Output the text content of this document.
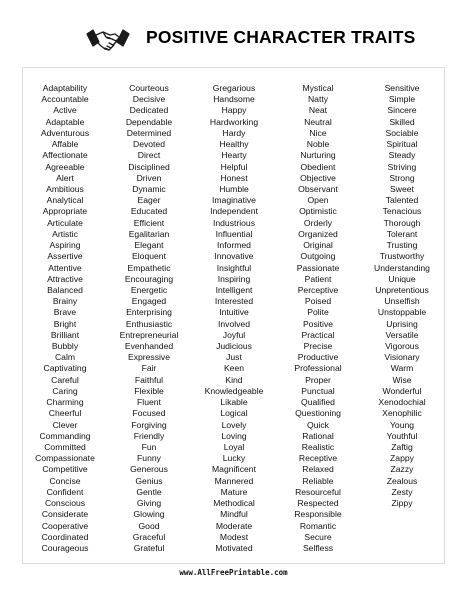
POSITIVE CHARACTER TRAITS
Adaptability
Accountable
Active
Adaptable
Adventurous
Affable
Affectionate
Agreeable
Alert
Ambitious
Analytical
Appropriate
Articulate
Artistic
Aspiring
Assertive
Attentive
Attractive
Balanced
Brainy
Brave
Bright
Brilliant
Bubbly
Calm
Captivating
Careful
Caring
Charming
Cheerful
Clever
Commanding
Committed
Compassionate
Competitive
Concise
Confident
Conscious
Considerate
Cooperative
Coordinated
Courageous
Courteous
Decisive
Dedicated
Dependable
Determined
Devoted
Direct
Disciplined
Driven
Dynamic
Eager
Educated
Efficient
Egalitarian
Elegant
Eloquent
Empathetic
Encouraging
Energetic
Engaged
Enterprising
Enthusiastic
Entrepreneurial
Evenhanded
Expressive
Fair
Faithful
Flexible
Fluent
Focused
Forgiving
Friendly
Fun
Funny
Generous
Genius
Gentle
Giving
Glowing
Good
Graceful
Grateful
Gregarious
Handsome
Happy
Hardworking
Hardy
Healthy
Hearty
Helpful
Honest
Humble
Imaginative
Independent
Industrious
Influential
Informed
Innovative
Insightful
Inspiring
Intelligent
Interested
Intuitive
Involved
Joyful
Judicious
Just
Keen
Kind
Knowledgeable
Likable
Logical
Lovely
Loving
Loyal
Lucky
Magnificent
Mannered
Mature
Methodical
Mindful
Moderate
Modest
Motivated
Mystical
Natty
Neat
Neutral
Nice
Noble
Nurturing
Obedient
Objective
Observant
Open
Optimistic
Orderly
Organized
Original
Outgoing
Passionate
Patient
Perceptive
Poised
Polite
Positive
Practical
Precise
Productive
Professional
Proper
Punctual
Qualified
Questioning
Quick
Rational
Realistic
Receptive
Relaxed
Reliable
Resourceful
Respected
Responsible
Romantic
Secure
Selfless
Sensitive
Simple
Sincere
Skilled
Sociable
Spiritual
Steady
Striving
Strong
Sweet
Talented
Tenacious
Thorough
Tolerant
Trusting
Trustworthy
Understanding
Unique
Unpretentious
Unselfish
Unstoppable
Uprising
Versatile
Vigorous
Visionary
Warm
Wise
Wonderful
Xenodochial
Xenophilic
Young
Youthful
Zaftig
Zappy
Zazzy
Zealous
Zesty
Zippy
www.AllFreePrintable.com
